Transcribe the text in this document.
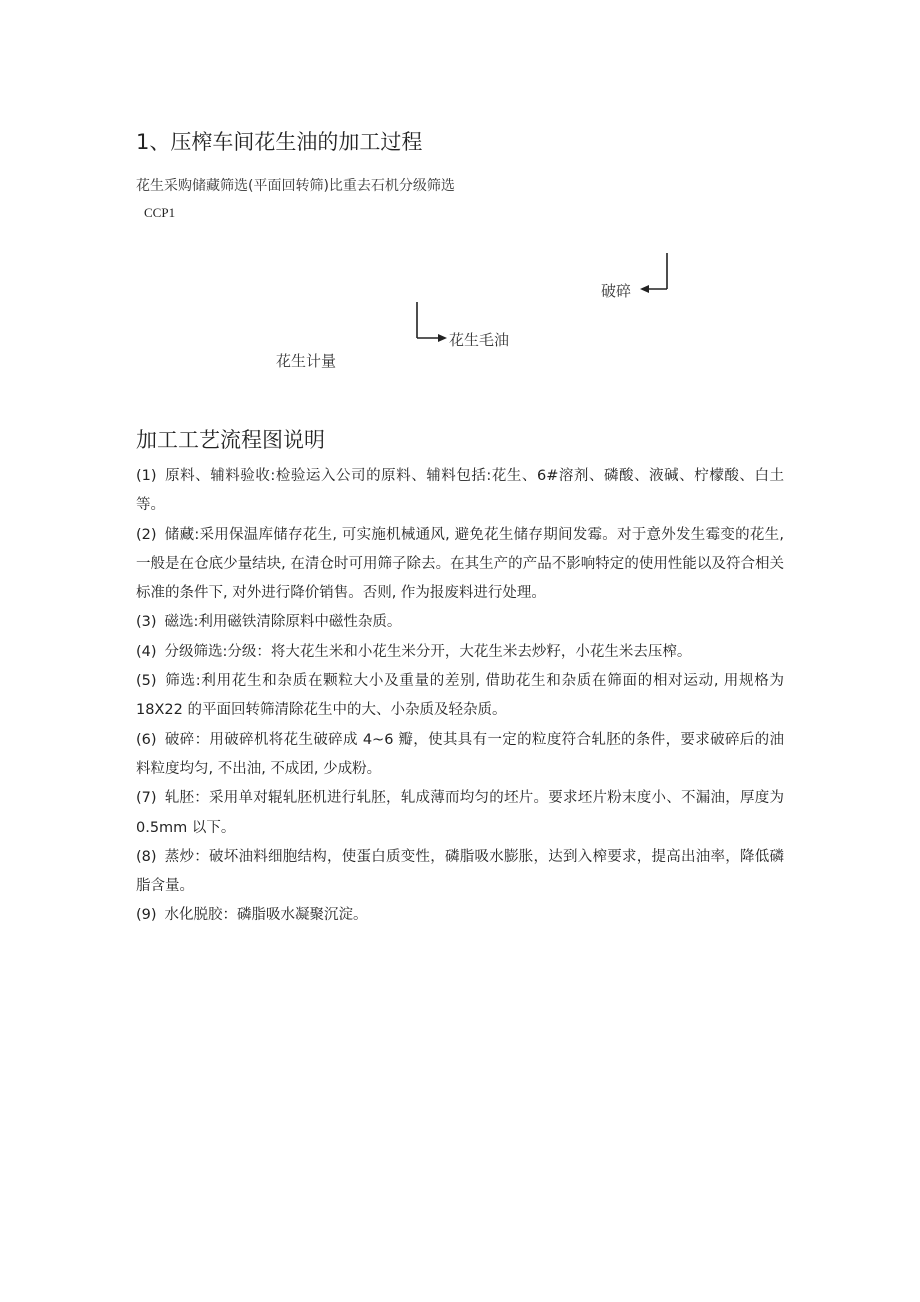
1、压榨车间花生油的加工过程
花生采购储藏筛选(平面回转筛)比重去石机分级筛选
CCP1
破碎
花生毛油
花生计量
加工工艺流程图说明

(1) 原料、辅料验收:检验运入公司的原料、辅料包括:花生、6#溶剂、磷酸、液碱、柠檬酸、白土等。

(2) 储藏:采用保温库储存花生, 可实施机械通风, 避免花生储存期间发霉。对于意外发生霉变的花生, 一般是在仓底少量结块, 在清仓时可用筛子除去。在其生产的产品不影响特定的使用性能以及符合相关标准的条件下, 对外进行降价销售。否则, 作为报废料进行处理。

(3) 磁选:利用磁铁清除原料中磁性杂质。

(4) 分级筛选:分级：将大花生米和小花生米分开，大花生米去炒籽，小花生米去压榨。

(5) 筛选:利用花生和杂质在颗粒大小及重量的差别, 借助花生和杂质在筛面的相对运动, 用规格为 18X22 的平面回转筛清除花生中的大、小杂质及轻杂质。

(6) 破碎：用破碎机将花生破碎成 4~6 瓣，使其具有一定的粒度符合轧胚的条件，要求破碎后的油料粒度均匀, 不出油, 不成团, 少成粉。

(7) 轧胚：采用单对辊轧胚机进行轧胚，轧成薄而均匀的坯片。要求坯片粉末度小、不漏油，厚度为 0.5mm 以下。

(8) 蒸炒：破坏油料细胞结构，使蛋白质变性，磷脂吸水膨胀，达到入榨要求，提高出油率，降低磷脂含量。

(9) 水化脱胶：磷脂吸水凝聚沉淀。
